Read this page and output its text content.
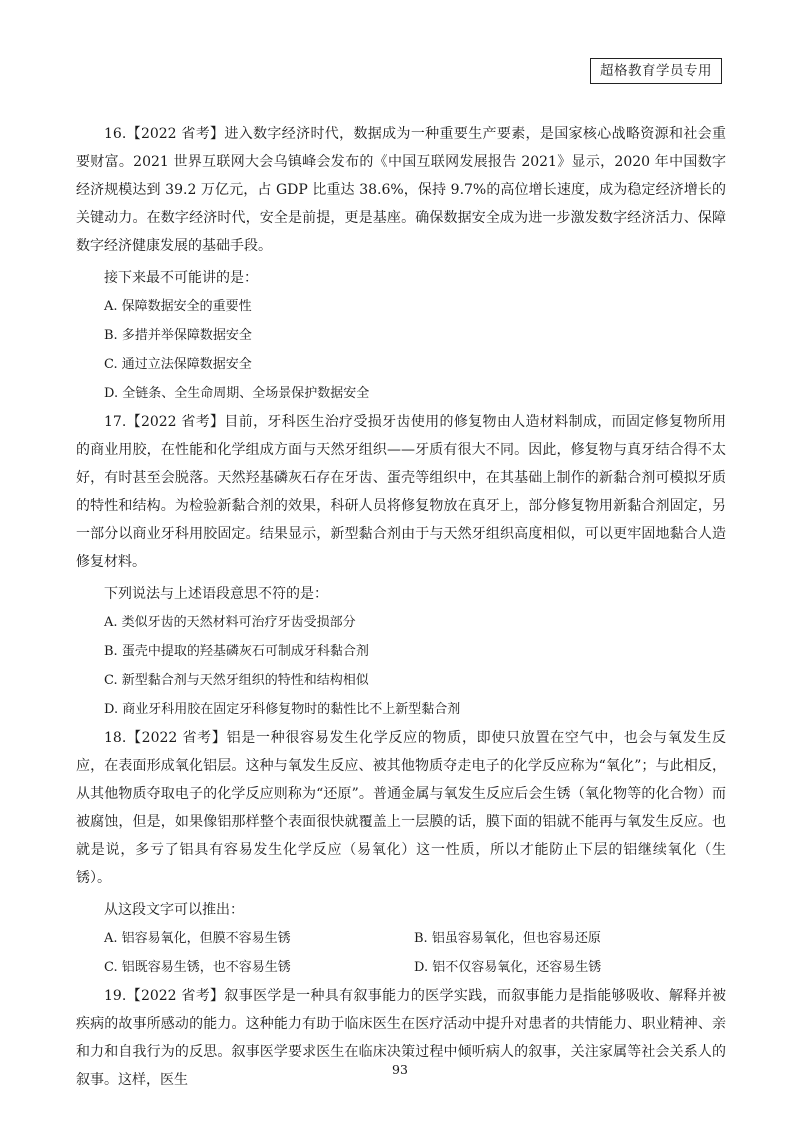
超格教育学员专用

16.【2022 省考】进入数字经济时代，数据成为一种重要生产要素，是国家核心战略资源和社会重要财富。2021 世界互联网大会乌镇峰会发布的《中国互联网发展报告 2021》显示，2020 年中国数字经济规模达到 39.2 万亿元，占 GDP 比重达 38.6%，保持 9.7%的高位增长速度，成为稳定经济增长的关键动力。在数字经济时代，安全是前提，更是基座。确保数据安全成为进一步激发数字经济活力、保障数字经济健康发展的基础手段。

接下来最不可能讲的是：

A. 保障数据安全的重要性

B. 多措并举保障数据安全

C. 通过立法保障数据安全

D. 全链条、全生命周期、全场景保护数据安全

17.【2022 省考】目前，牙科医生治疗受损牙齿使用的修复物由人造材料制成，而固定修复物所用的商业用胶，在性能和化学组成方面与天然牙组织——牙质有很大不同。因此，修复物与真牙结合得不太好，有时甚至会脱落。天然羟基磷灰石存在牙齿、蛋壳等组织中，在其基础上制作的新黏合剂可模拟牙质的特性和结构。为检验新黏合剂的效果，科研人员将修复物放在真牙上，部分修复物用新黏合剂固定，另一部分以商业牙科用胶固定。结果显示，新型黏合剂由于与天然牙组织高度相似，可以更牢固地黏合人造修复材料。

下列说法与上述语段意思不符的是：

A. 类似牙齿的天然材料可治疗牙齿受损部分

B. 蛋壳中提取的羟基磷灰石可制成牙科黏合剂

C. 新型黏合剂与天然牙组织的特性和结构相似

D. 商业牙科用胶在固定牙科修复物时的黏性比不上新型黏合剂

18.【2022 省考】铝是一种很容易发生化学反应的物质，即使只放置在空气中，也会与氧发生反应，在表面形成氧化铝层。这种与氧发生反应、被其他物质夺走电子的化学反应称为“氧化”；与此相反，从其他物质夺取电子的化学反应则称为“还原”。普通金属与氧发生反应后会生锈（氧化物等的化合物）而被腐蚀，但是，如果像铝那样整个表面很快就覆盖上一层膜的话，膜下面的铝就不能再与氧发生反应。也就是说，多亏了铝具有容易发生化学反应（易氧化）这一性质，所以才能防止下层的铝继续氧化（生锈）。

从这段文字可以推出：

A. 铝容易氧化，但膜不容易生锈	B. 铝虽容易氧化，但也容易还原

C. 铝既容易生锈，也不容易生锈	D. 铝不仅容易氧化，还容易生锈

19.【2022 省考】叙事医学是一种具有叙事能力的医学实践，而叙事能力是指能够吸收、解释并被疾病的故事所感动的能力。这种能力有助于临床医生在医疗活动中提升对患者的共情能力、职业精神、亲和力和自我行为的反思。叙事医学要求医生在临床决策过程中倾听病人的叙事，关注家属等社会关系人的叙事。这样，医生

93
